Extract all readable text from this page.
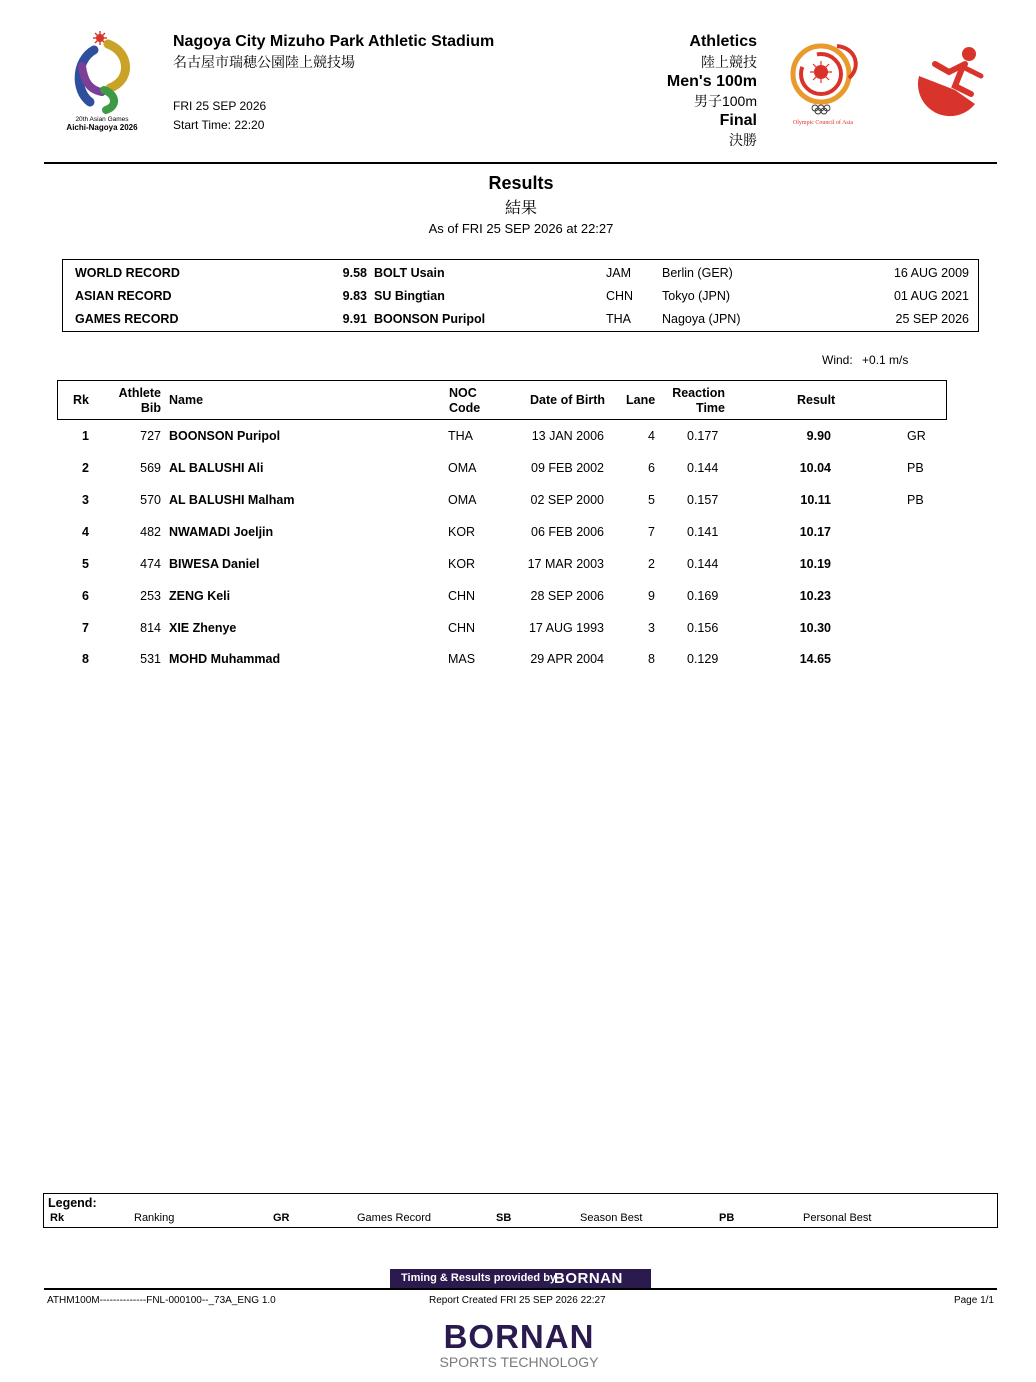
20th Asian Games
Aichi-Nagoya 2026
Nagoya City Mizuho Park Athletic Stadium
名古屋市瑞穂公園陸上競技場
FRI 25 SEP 2026
Start Time: 22:20
Athletics
陸上競技
Men's 100m
男子100m
Final
決勝
Olympic Council of Asia
Results
結果
As of FRI 25 SEP 2026 at 22:27
WORLD RECORD	9.58 BOLT Usain	JAM Berlin (GER)	16 AUG 2009
ASIAN RECORD	9.83 SU Bingtian	CHN Tokyo (JPN)	01 AUG 2021
GAMES RECORD	9.91 BOONSON Puripol	THA Nagoya (JPN)	25 SEP 2026
Wind: +0.1 m/s
Rk	Athlete
Bib
Name	NOC
Code
Date of Birth Lane	Reaction
Time
Result
1	727 BOONSON Puripol	THA	13 JAN 2006	4	0.177	9.90	GR
2	569 AL BALUSHI Ali	OMA	09 FEB 2002	6	0.144	10.04	PB
3	570 AL BALUSHI Malham	OMA	02 SEP 2000	5	0.157	10.11	PB
4	482 NWAMADI Joeljin	KOR	06 FEB 2006	7	0.141	10.17
5	474 BIWESA Daniel	KOR	17 MAR 2003	2	0.144	10.19
6	253 ZENG Keli	CHN	28 SEP 2006	9	0.169	10.23
7	814 XIE Zhenye	CHN	17 AUG 1993	3	0.156	10.30
8	531 MOHD Muhammad	MAS	29 APR 2004	8	0.129	14.65
Legend:
Rk	Ranking	GR	Games Record	SB	Season Best	PB	Personal Best
Timing & Results provided by
BORNAN
ATHM100M--------------FNL-000100--_73A_ENG 1.0	Report Created FRI 25 SEP 2026 22:27	Page 1/1
BORNAN
SPORTS TECHNOLOGY
